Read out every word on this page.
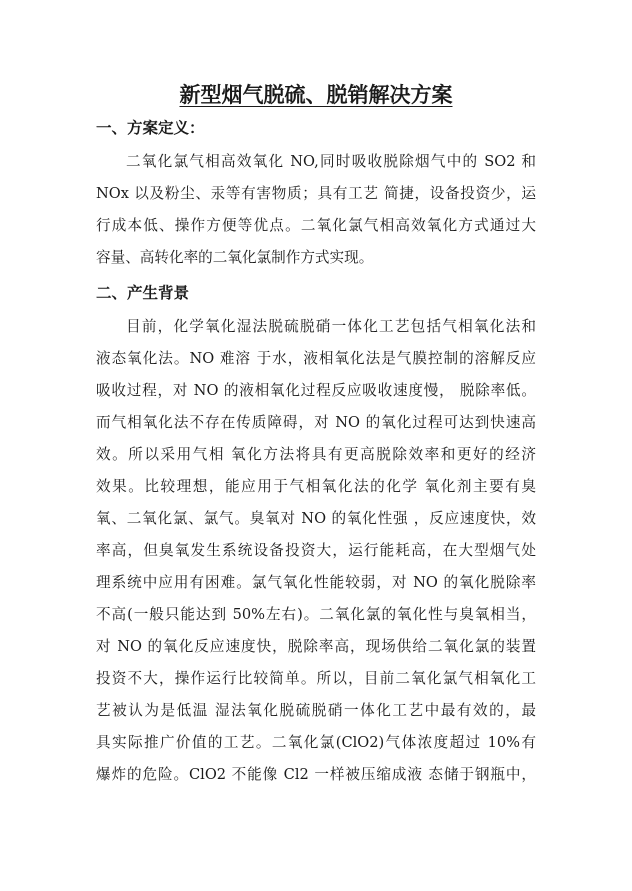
新型烟气脱硫、脱销解决方案
一、方案定义：
二氧化氯气相高效氧化 NO,同时吸收脱除烟气中的 SO2 和
NOx 以及粉尘、汞等有害物质；具有工艺 简捷，设备投资少，运
行成本低、操作方便等优点。二氧化氯气相高效氧化方式通过大
容量、高转化率的二氧化氯制作方式实现。
二、产生背景
目前，化学氧化湿法脱硫脱硝一体化工艺包括气相氧化法和
液态氧化法。NO 难溶 于水，液相氧化法是气膜控制的溶解反应
吸收过程，对 NO 的液相氧化过程反应吸收速度慢， 脱除率低。
而气相氧化法不存在传质障碍，对 NO 的氧化过程可达到快速高
效。所以采用气相 氧化方法将具有更高脱除效率和更好的经济
效果。比较理想，能应用于气相氧化法的化学 氧化剂主要有臭
氧、二氧化氯、氯气。臭氧对 NO 的氧化性强 ，反应速度快，效
率高，但臭氧发生系统设备投资大，运行能耗高，在大型烟气处
理系统中应用有困难。氯气氧化性能较弱，对 NO 的氧化脱除率
不高(一般只能达到 50%左右)。二氧化氯的氧化性与臭氧相当，
对 NO 的氧化反应速度快，脱除率高，现场供给二氧化氯的装置
投资不大，操作运行比较简单。所以，目前二氧化氯气相氧化工
艺被认为是低温 湿法氧化脱硫脱硝一体化工艺中最有效的，最
具实际推广价值的工艺。二氧化氯(ClO2)气体浓度超过 10%有
爆炸的危险。ClO2 不能像 Cl2 一样被压缩成液 态储于钢瓶中，
